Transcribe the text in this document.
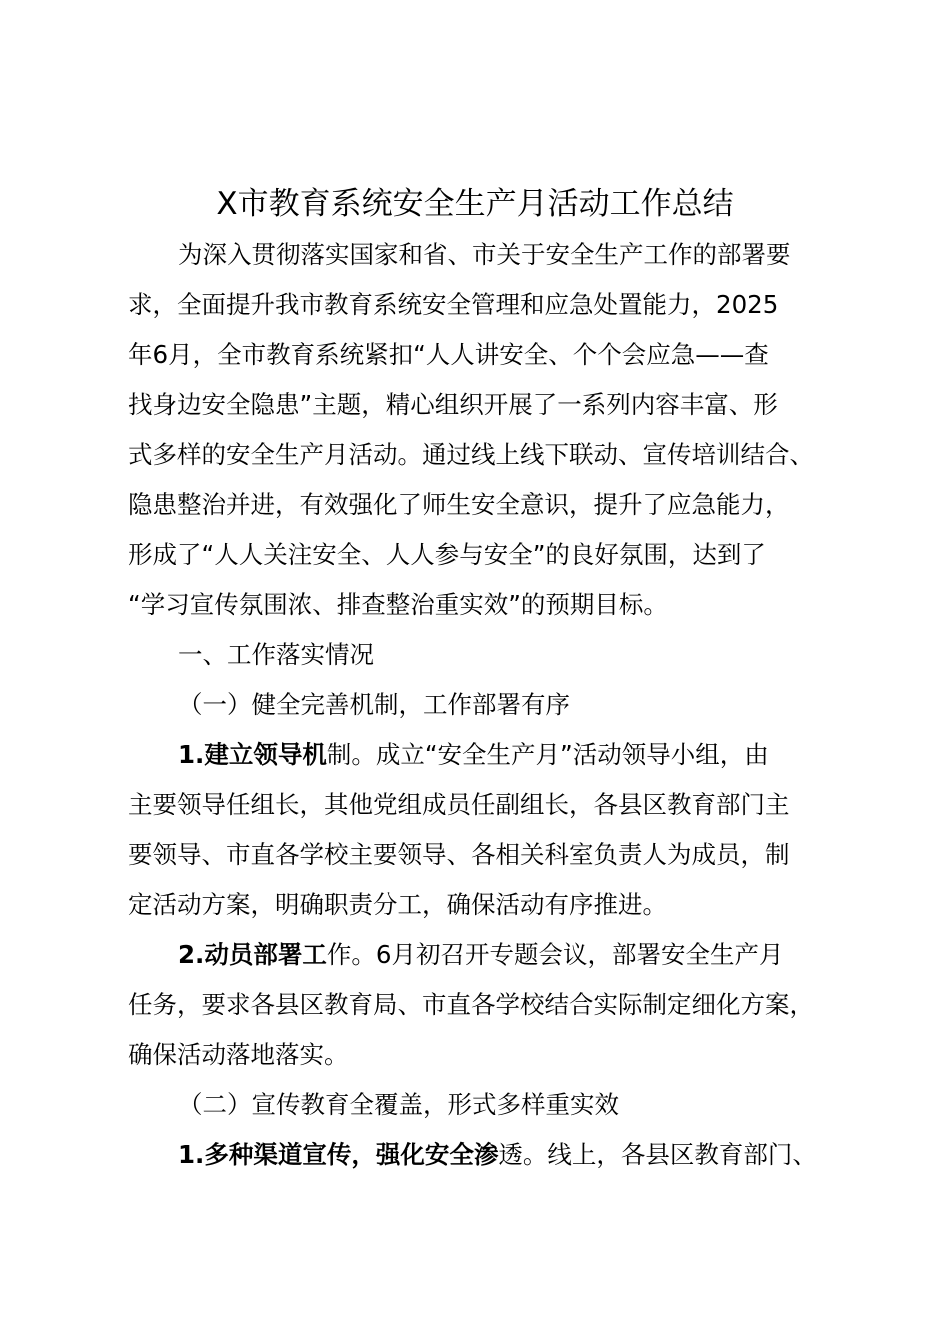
X市教育系统安全生产月活动工作总结
为深入贯彻落实国家和省、市关于安全生产工作的部署要
求，全面提升我市教育系统安全管理和应急处置能力，2025
年6月，全市教育系统紧扣“人人讲安全、个个会应急——查
找身边安全隐患”主题，精心组织开展了一系列内容丰富、形
式多样的安全生产月活动。通过线上线下联动、宣传培训结合、
隐患整治并进，有效强化了师生安全意识，提升了应急能力，
形成了“人人关注安全、人人参与安全”的良好氛围，达到了
“学习宣传氛围浓、排查整治重实效”的预期目标。
一、工作落实情况
（一）健全完善机制，工作部署有序
1.建立领导机制。成立“安全生产月”活动领导小组，由
主要领导任组长，其他党组成员任副组长，各县区教育部门主
要领导、市直各学校主要领导、各相关科室负责人为成员，制
定活动方案，明确职责分工，确保活动有序推进。
2.动员部署工作。6月初召开专题会议，部署安全生产月
任务，要求各县区教育局、市直各学校结合实际制定细化方案，
确保活动落地落实。
（二）宣传教育全覆盖，形式多样重实效
1.多种渠道宣传，强化安全渗透。线上，各县区教育部门、
